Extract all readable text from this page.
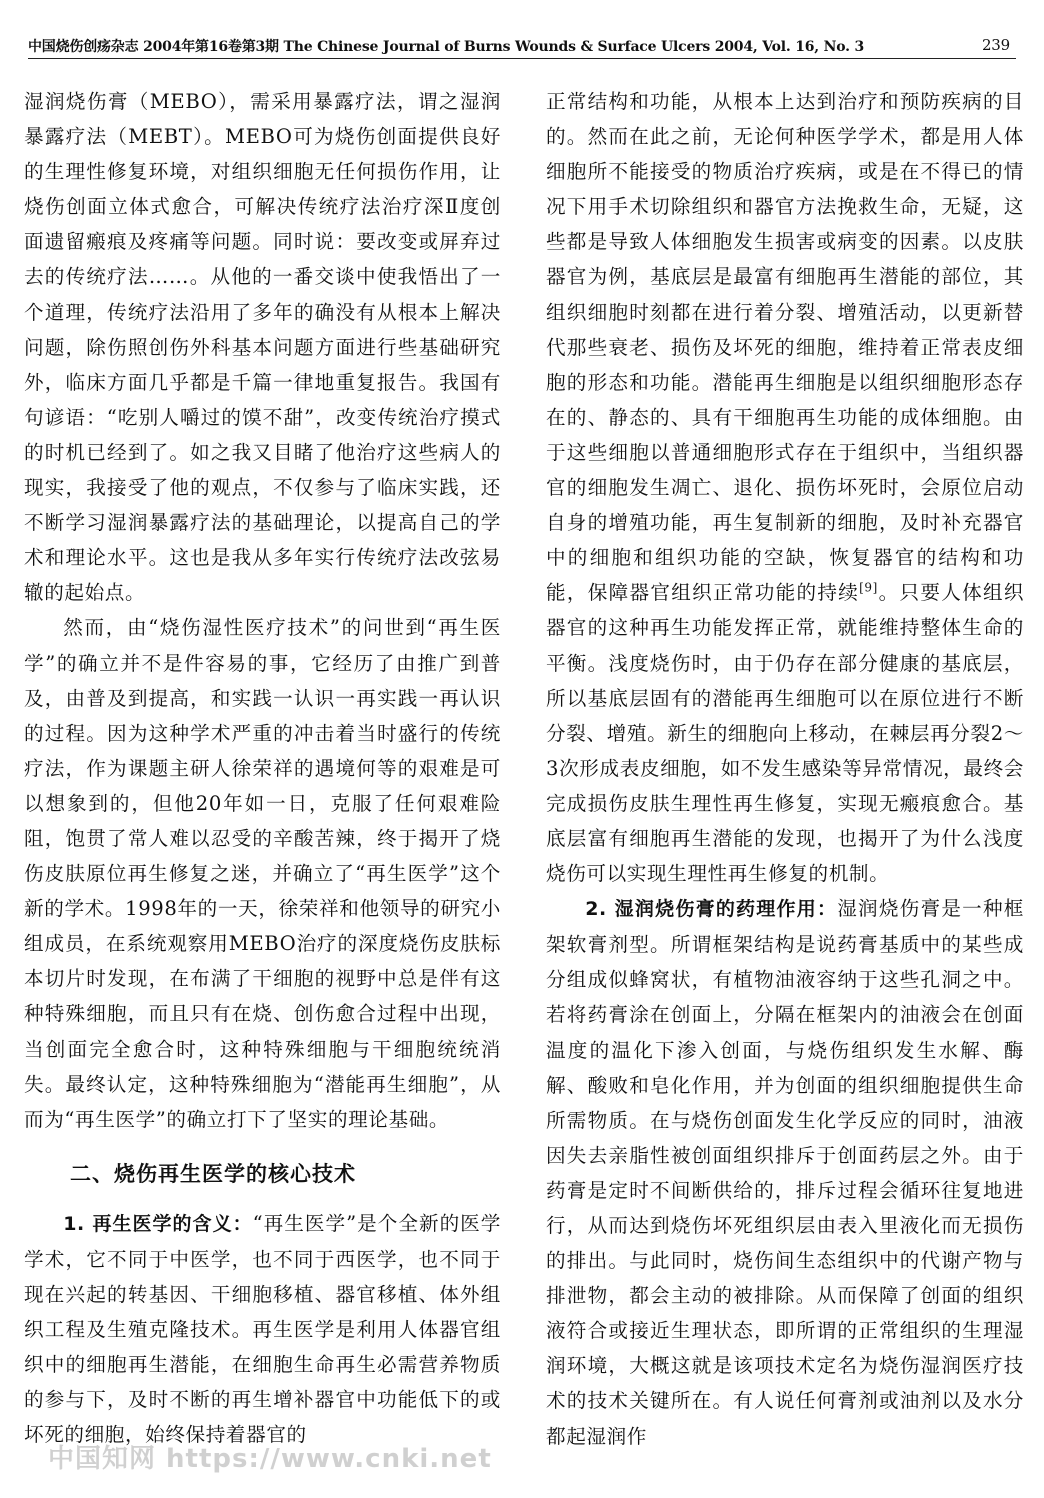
中国烧伤创疡杂志 2004年第16卷第3期 The Chinese Journal of Burns Wounds & Surface Ulcers 2004, Vol. 16, No. 3	239

湿润烧伤膏（MEBO），需采用暴露疗法，谓之湿润暴露疗法（MEBT）。MEBO可为烧伤创面提供良好的生理性修复环境，对组织细胞无任何损伤作用，让烧伤创面立体式愈合，可解决传统疗法治疗深Ⅱ度创面遗留瘢痕及疼痛等问题。同时说：要改变或屏弃过去的传统疗法……。从他的一番交谈中使我悟出了一个道理，传统疗法沿用了多年的确没有从根本上解决问题，除伤照创伤外科基本问题方面进行些基础研究外，临床方面几乎都是千篇一律地重复报告。我国有句谚语：“吃别人嚼过的馍不甜”，改变传统治疗摸式的时机已经到了。如之我又目睹了他治疗这些病人的现实，我接受了他的观点，不仅参与了临床实践，还不断学习湿润暴露疗法的基础理论，以提高自己的学术和理论水平。这也是我从多年实行传统疗法改弦易辙的起始点。

然而，由“烧伤湿性医疗技术”的问世到“再生医学”的确立并不是件容易的事，它经历了由推广到普及，由普及到提高，和实践一认识一再实践一再认识的过程。因为这种学术严重的冲击着当时盛行的传统疗法，作为课题主研人徐荣祥的遇境何等的艰难是可以想象到的，但他20年如一日，克服了任何艰难险阻，饱贯了常人难以忍受的辛酸苦辣，终于揭开了烧伤皮肤原位再生修复之迷，并确立了“再生医学”这个新的学术。1998年的一天，徐荣祥和他领导的研究小组成员，在系统观察用MEBO治疗的深度烧伤皮肤标本切片时发现，在布满了干细胞的视野中总是伴有这种特殊细胞，而且只有在烧、创伤愈合过程中出现，当创面完全愈合时，这种特殊细胞与干细胞统统消失。最终认定，这种特殊细胞为“潜能再生细胞”，从而为“再生医学”的确立打下了坚实的理论基础。

二、烧伤再生医学的核心技术

1. 再生医学的含义：“再生医学”是个全新的医学学术，它不同于中医学，也不同于西医学，也不同于现在兴起的转基因、干细胞移植、器官移植、体外组织工程及生殖克隆技术。再生医学是利用人体器官组织中的细胞再生潜能，在细胞生命再生必需营养物质的参与下，及时不断的再生增补器官中功能低下的或坏死的细胞，始终保持着器官的

正常结构和功能，从根本上达到治疗和预防疾病的目的。然而在此之前，无论何种医学学术，都是用人体细胞所不能接受的物质治疗疾病，或是在不得已的情况下用手术切除组织和器官方法挽救生命，无疑，这些都是导致人体细胞发生损害或病变的因素。以皮肤器官为例，基底层是最富有细胞再生潜能的部位，其组织细胞时刻都在进行着分裂、增殖活动，以更新替代那些衰老、损伤及坏死的细胞，维持着正常表皮细胞的形态和功能。潜能再生细胞是以组织细胞形态存在的、静态的、具有干细胞再生功能的成体细胞。由于这些细胞以普通细胞形式存在于组织中，当组织器官的细胞发生凋亡、退化、损伤坏死时，会原位启动自身的增殖功能，再生复制新的细胞，及时补充器官中的细胞和组织功能的空缺，恢复器官的结构和功能，保障器官组织正常功能的持续[9]。只要人体组织器官的这种再生功能发挥正常，就能维持整体生命的平衡。浅度烧伤时，由于仍存在部分健康的基底层，所以基底层固有的潜能再生细胞可以在原位进行不断分裂、增殖。新生的细胞向上移动，在棘层再分裂2～3次形成表皮细胞，如不发生感染等异常情况，最终会完成损伤皮肤生理性再生修复，实现无瘢痕愈合。基底层富有细胞再生潜能的发现，也揭开了为什么浅度烧伤可以实现生理性再生修复的机制。

2. 湿润烧伤膏的药理作用：湿润烧伤膏是一种框架软膏剂型。所谓框架结构是说药膏基质中的某些成分组成似蜂窝状，有植物油液容纳于这些孔洞之中。若将药膏涂在创面上，分隔在框架内的油液会在创面温度的温化下渗入创面，与烧伤组织发生水解、酶解、酸败和皂化作用，并为创面的组织细胞提供生命所需物质。在与烧伤创面发生化学反应的同时，油液因失去亲脂性被创面组织排斥于创面药层之外。由于药膏是定时不间断供给的，排斥过程会循环往复地进行，从而达到烧伤坏死组织层由表入里液化而无损伤的排出。与此同时，烧伤间生态组织中的代谢产物与排泄物，都会主动的被排除。从而保障了创面的组织液符合或接近生理状态，即所谓的正常组织的生理湿润环境，大概这就是该项技术定名为烧伤湿润医疗技术的技术关键所在。有人说任何膏剂或油剂以及水分都起湿润作

中国知网 https://www.cnki.net
